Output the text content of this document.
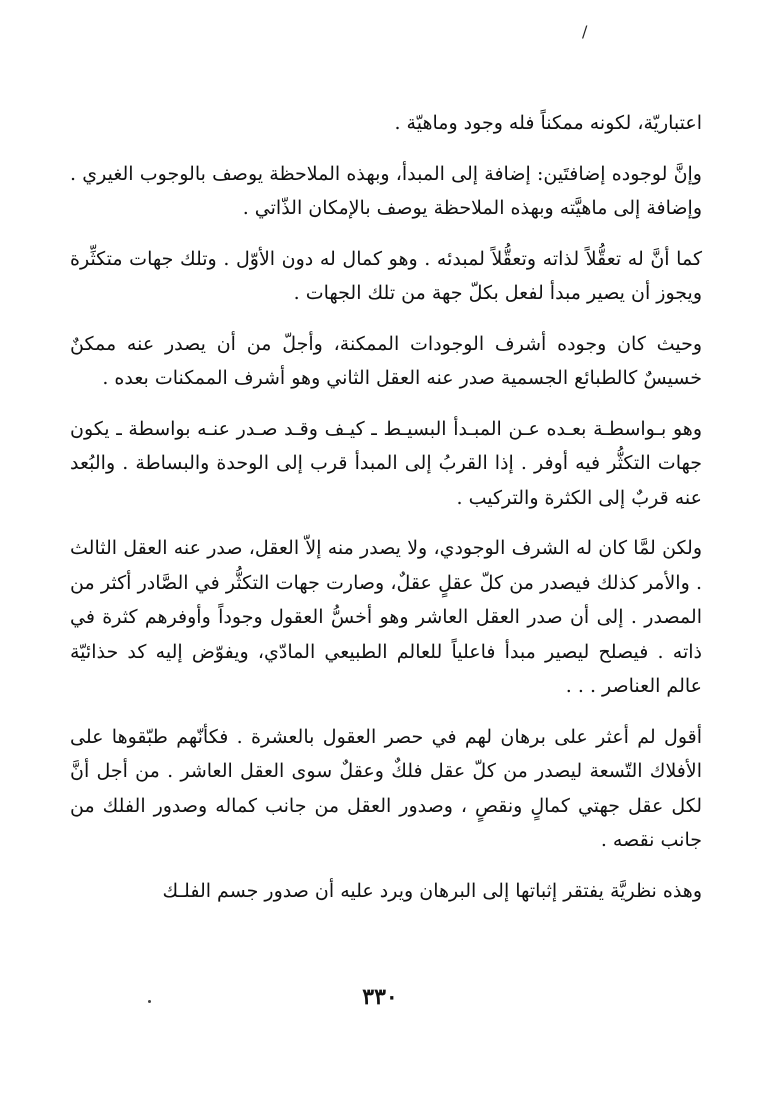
/

اعتباريّة، لكونه ممكناً فله وجود وماهيّة .

وإنَّ لوجوده إضافتَين: إضافة إلى المبدأ، وبهذه الملاحظة يوصف بالوجوب الغيري . وإضافة إلى ماهيَّته وبهذه الملاحظة يوصف بالإمكان الذّاتي .

كما أنَّ له تعقُّلاً لذاته وتعقُّلاً لمبدئه . وهو كمال له دون الأوّل . وتلك جهات متكثِّرة ويجوز أن يصير مبدأ لفعل بكلّ جهة من تلك الجهات .

وحيث كان وجوده أشرف الوجودات الممكنة، وأجلّ من أن يصدر عنه ممكنٌ خسيسٌ كالطبائع الجسمية صدر عنه العقل الثاني وهو أشرف الممكنات بعده .

وهو بـواسطـة بعـده عـن المبـدأ البسيـط ـ كيـف وقـد صـدر عنـه بواسطة ـ يكون جهات التكثُّر فيه أوفر . إذا القربُ إلى المبدأ قرب إلى الوحدة والبساطة . والبُعد عنه قربٌ إلى الكثرة والتركيب .

ولكن لمَّا كان له الشرف الوجودي، ولا يصدر منه إلاّ العقل، صدر عنه العقل الثالث . والأمر كذلك فيصدر من كلّ عقلٍ عقلٌ، وصارت جهات التكثُّر في الصَّادر أكثر من المصدر . إلى أن صدر العقل العاشر وهو أخسُّ العقول وجوداً وأوفرهم كثرة في ذاته . فيصلح ليصير مبدأ فاعلياً للعالم الطبيعي المادّي، ويفوّض إليه كد حذائيّة عالم العناصر . . .

أقول لم أعثر على برهان لهم في حصر العقول بالعشرة . فكأنّهم طبّقوها على الأفلاك التّسعة ليصدر من كلّ عقل فلكٌ وعقلٌ سوى العقل العاشر . من أجل أنَّ لكل عقل جهتي كمالٍ ونقصٍ ، وصدور العقل من جانب كماله وصدور الفلك من جانب نقصه .

وهذه نظريَّة يفتقر إثباتها إلى البرهان ويرد عليه أن صدور جسم الفلـك

٣٣٠
